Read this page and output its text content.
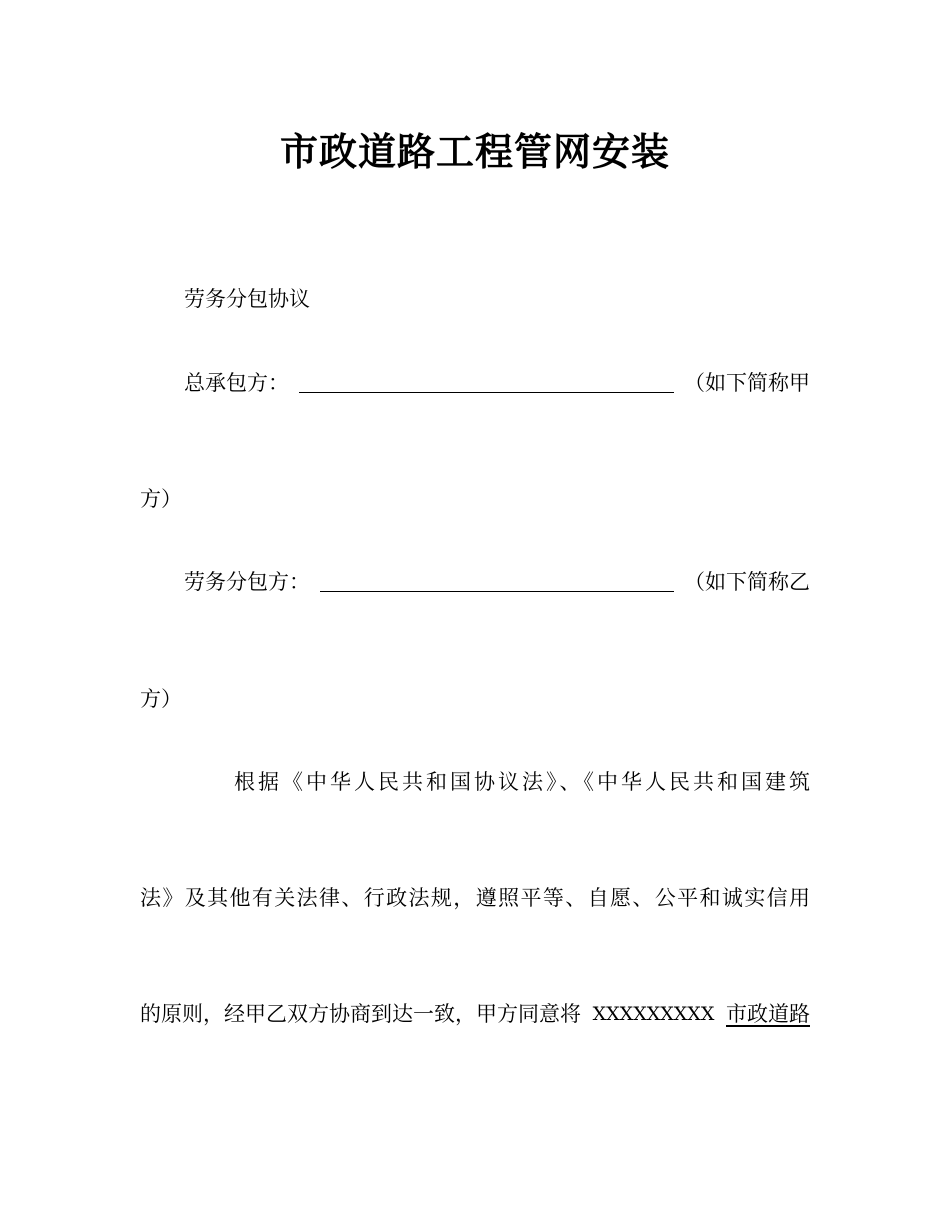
市政道路工程管网安装
劳务分包协议
总承包方：	（如下简称甲
方）
劳务分包方：	（如下简称乙
方）
根据《中华人民共和国协议法》、《中华人民共和国建筑
法》及其他有关法律、行政法规，遵照平等、自愿、公平和诚实信用
的原则，经甲乙双方协商到达一致，甲方同意将 XXXXXXXXX 市政道路
